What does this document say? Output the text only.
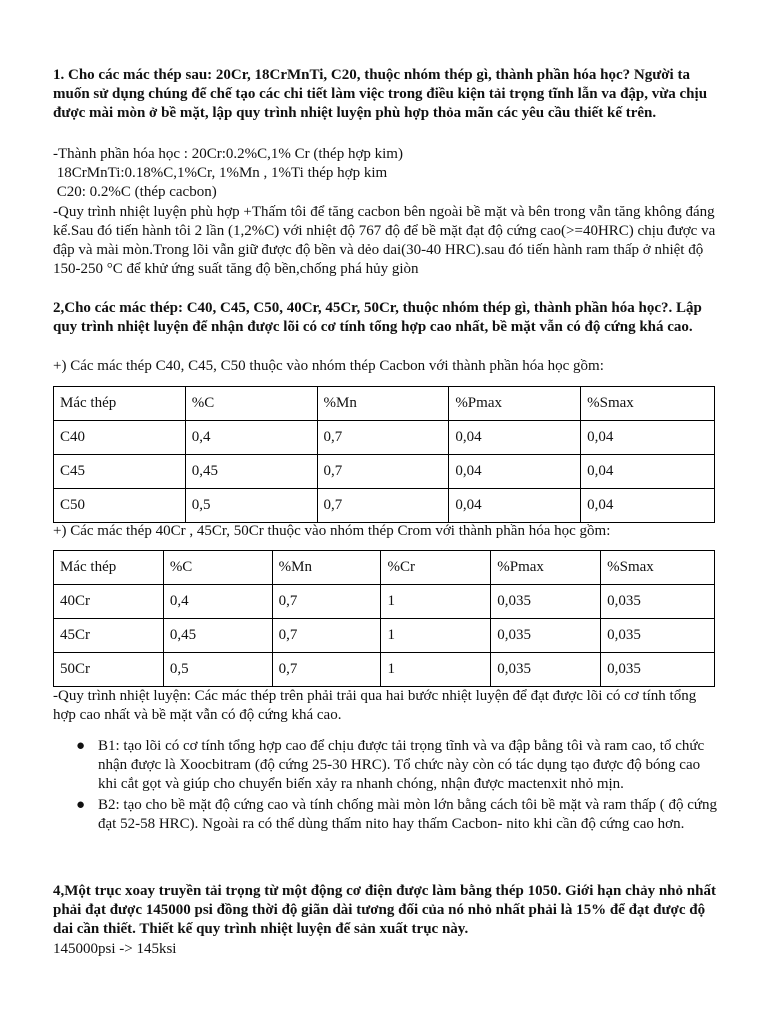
1. Cho các mác thép sau: 20Cr, 18CrMnTi, C20, thuộc nhóm thép gì, thành phần hóa học? Người ta muốn sử dụng chúng để chế tạo các chi tiết làm việc trong điều kiện tải trọng tĩnh lẫn va đập, vừa chịu được mài mòn ở bề mặt, lập quy trình nhiệt luyện phù hợp thỏa mãn các yêu cầu thiết kế trên.

-Thành phần hóa học : 20Cr:0.2%C,1% Cr (thép hợp kim)

18CrMnTi:0.18%C,1%Cr, 1%Mn , 1%Ti thép hợp kim

C20: 0.2%C (thép cacbon)

-Quy trình nhiệt luyện phù hợp +Thấm tôi để tăng cacbon bên ngoài bề mặt và bên trong vẫn tăng không đáng kể.Sau đó tiến hành tôi 2 lần (1,2%C) với nhiệt độ 767 độ để bề mặt đạt độ cứng cao(>=40HRC) chịu được va đập và mài mòn.Trong lõi vẫn giữ được độ bền và dẻo dai(30-40 HRC).sau đó tiến hành ram thấp ở nhiệt độ 150-250 °C để khử ứng suất tăng độ bền,chống phá hủy giòn

2,Cho các mác thép: C40, C45, C50, 40Cr, 45Cr, 50Cr, thuộc nhóm thép gì, thành phần hóa học?. Lập quy trình nhiệt luyện để nhận được lõi có cơ tính tổng hợp cao nhất, bề mặt vẫn có độ cứng khá cao.

+) Các mác thép C40, C45, C50 thuộc vào nhóm thép Cacbon với thành phần hóa học gồm:

Mác thép	%C	%Mn	%Pmax	%Smax
C40	0,4	0,7	0,04	0,04
C45	0,45	0,7	0,04	0,04
C50	0,5	0,7	0,04	0,04

+) Các mác thép 40Cr , 45Cr, 50Cr thuộc vào nhóm thép Crom với thành phần hóa học gồm:

Mác thép	%C	%Mn	%Cr	%Pmax	%Smax
40Cr	0,4	0,7	1	0,035	0,035
45Cr	0,45	0,7	1	0,035	0,035
50Cr	0,5	0,7	1	0,035	0,035

-Quy trình nhiệt luyện: Các mác thép trên phải trải qua hai bước nhiệt luyện để đạt được lõi có cơ tính tổng hợp cao nhất và bề mặt vẫn có độ cứng khá cao.

● B1: tạo lõi có cơ tính tổng hợp cao để chịu được tải trọng tĩnh và va đập bằng tôi và ram cao, tổ chức nhận được là Xoocbitram (độ cứng 25-30 HRC). Tổ chức này còn có tác dụng tạo được độ bóng cao khi cắt gọt và giúp cho chuyển biến xảy ra nhanh chóng, nhận được mactenxit nhỏ mịn.
● B2: tạo cho bề mặt độ cứng cao và tính chống mài mòn lớn bằng cách tôi bề mặt và ram thấp ( độ cứng đạt 52-58 HRC). Ngoài ra có thể dùng thấm nito hay thấm Cacbon- nito khi cần độ cứng cao hơn.

4,Một trục xoay truyền tải trọng từ một động cơ điện được làm bằng thép 1050. Giới hạn chảy nhỏ nhất phải đạt được 145000 psi đồng thời độ giãn dài tương đối của nó nhỏ nhất phải là 15% để đạt được độ dai cần thiết. Thiết kế quy trình nhiệt luyện để sản xuất trục này.

145000psi -> 145ksi
